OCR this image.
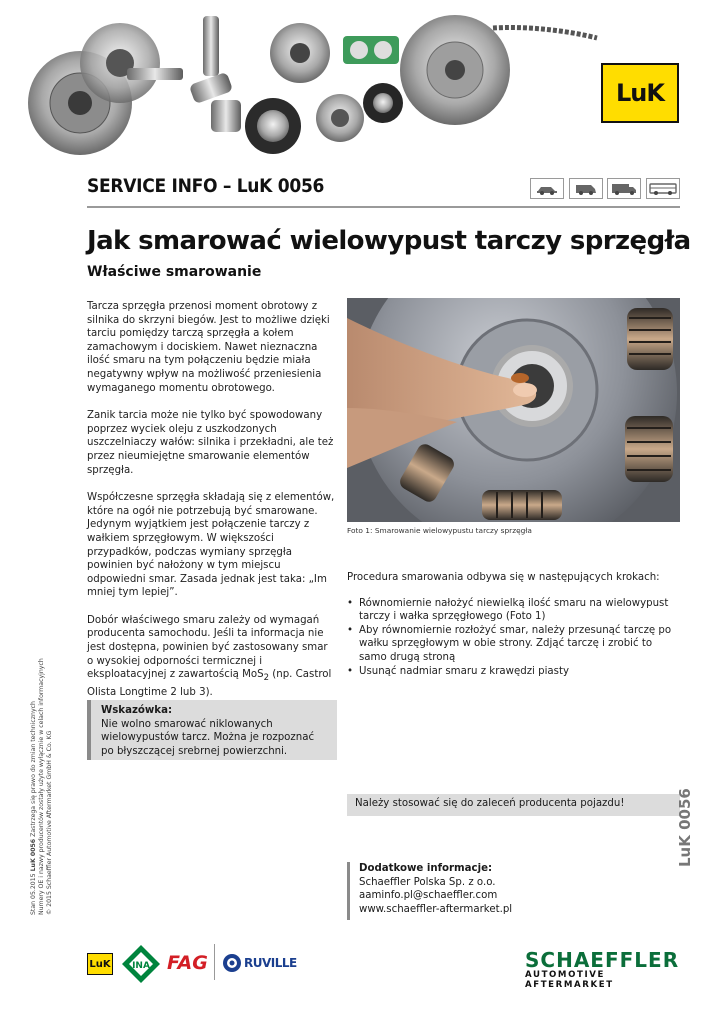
LuK
SERVICE INFO – LuK 0056
Jak smarować wielowypust tarczy sprzęgła
Właściwe smarowanie

Tarcza sprzęgła przenosi moment obrotowy z silnika do skrzyni biegów. Jest to możliwe dzięki tarciu pomiędzy tarczą sprzęgła a kołem zamachowym i dociskiem. Nawet nieznaczna ilość smaru na tym połączeniu będzie miała negatywny wpływ na możliwość przeniesienia wymaganego momentu obrotowego.

Zanik tarcia może nie tylko być spowodowany poprzez wyciek oleju z uszkodzonych uszczelniaczy wałów: silnika i przekładni, ale też przez nieumiejętne smarowanie elementów sprzęgła.

Współczesne sprzęgła składają się z elementów, które na ogół nie potrzebują być smarowane. Jedynym wyjątkiem jest połączenie tarczy z wałkiem sprzęgłowym. W większości przypadków, podczas wymiany sprzęgła powinien być nałożony w tym miejscu odpowiedni smar. Zasada jednak jest taka: „Im mniej tym lepiej”.

Dobór właściwego smaru zależy od wymagań producenta samochodu. Jeśli ta informacja nie jest dostępna, powinien być zastosowany smar o wysokiej odporności termicznej i eksploatacyjnej z zawartością MoS$_2$ (np. Castrol Olista Longtime 2 lub 3).

Foto 1: Smarowanie wielowypustu tarczy sprzęgła
Procedura smarowania odbywa się w następujących krokach:
• Równomiernie nałożyć niewielką ilość smaru na wielowypust tarczy i wałka sprzęgłowego (Foto 1)
• Aby równomiernie rozłożyć smar, należy przesunąć tarczę po wałku sprzęgłowym w obie strony. Zdjąć tarczę i zrobić to samo drugą stroną
• Usunąć nadmiar smaru z krawędzi piasty
Wskazówka:
Nie wolno smarować niklowanych wielowypustów tarcz. Można je rozpoznać po błyszczącej srebrnej powierzchni.
Należy stosować się do zaleceń producenta pojazdu!	LuK 0056
Dodatkowe informacje:
Schaeffler Polska Sp. z o.o.
aaminfo.pl@schaeffler.com
www.schaeffler-aftermarket.pl
Stan 05.2015 LuK 0056 Zastrzega się prawo do zmian technicznych Numery OE i nazwy producentów zostały użyte wyłącznie w celach informacyjnych © 2015 Schaeffler Automotive Aftermarket GmbH & Co. KG
LuK INA FAG	RUVILLE	SCHAEFFLER
AUTOMOTIVE AFTERMARKET
